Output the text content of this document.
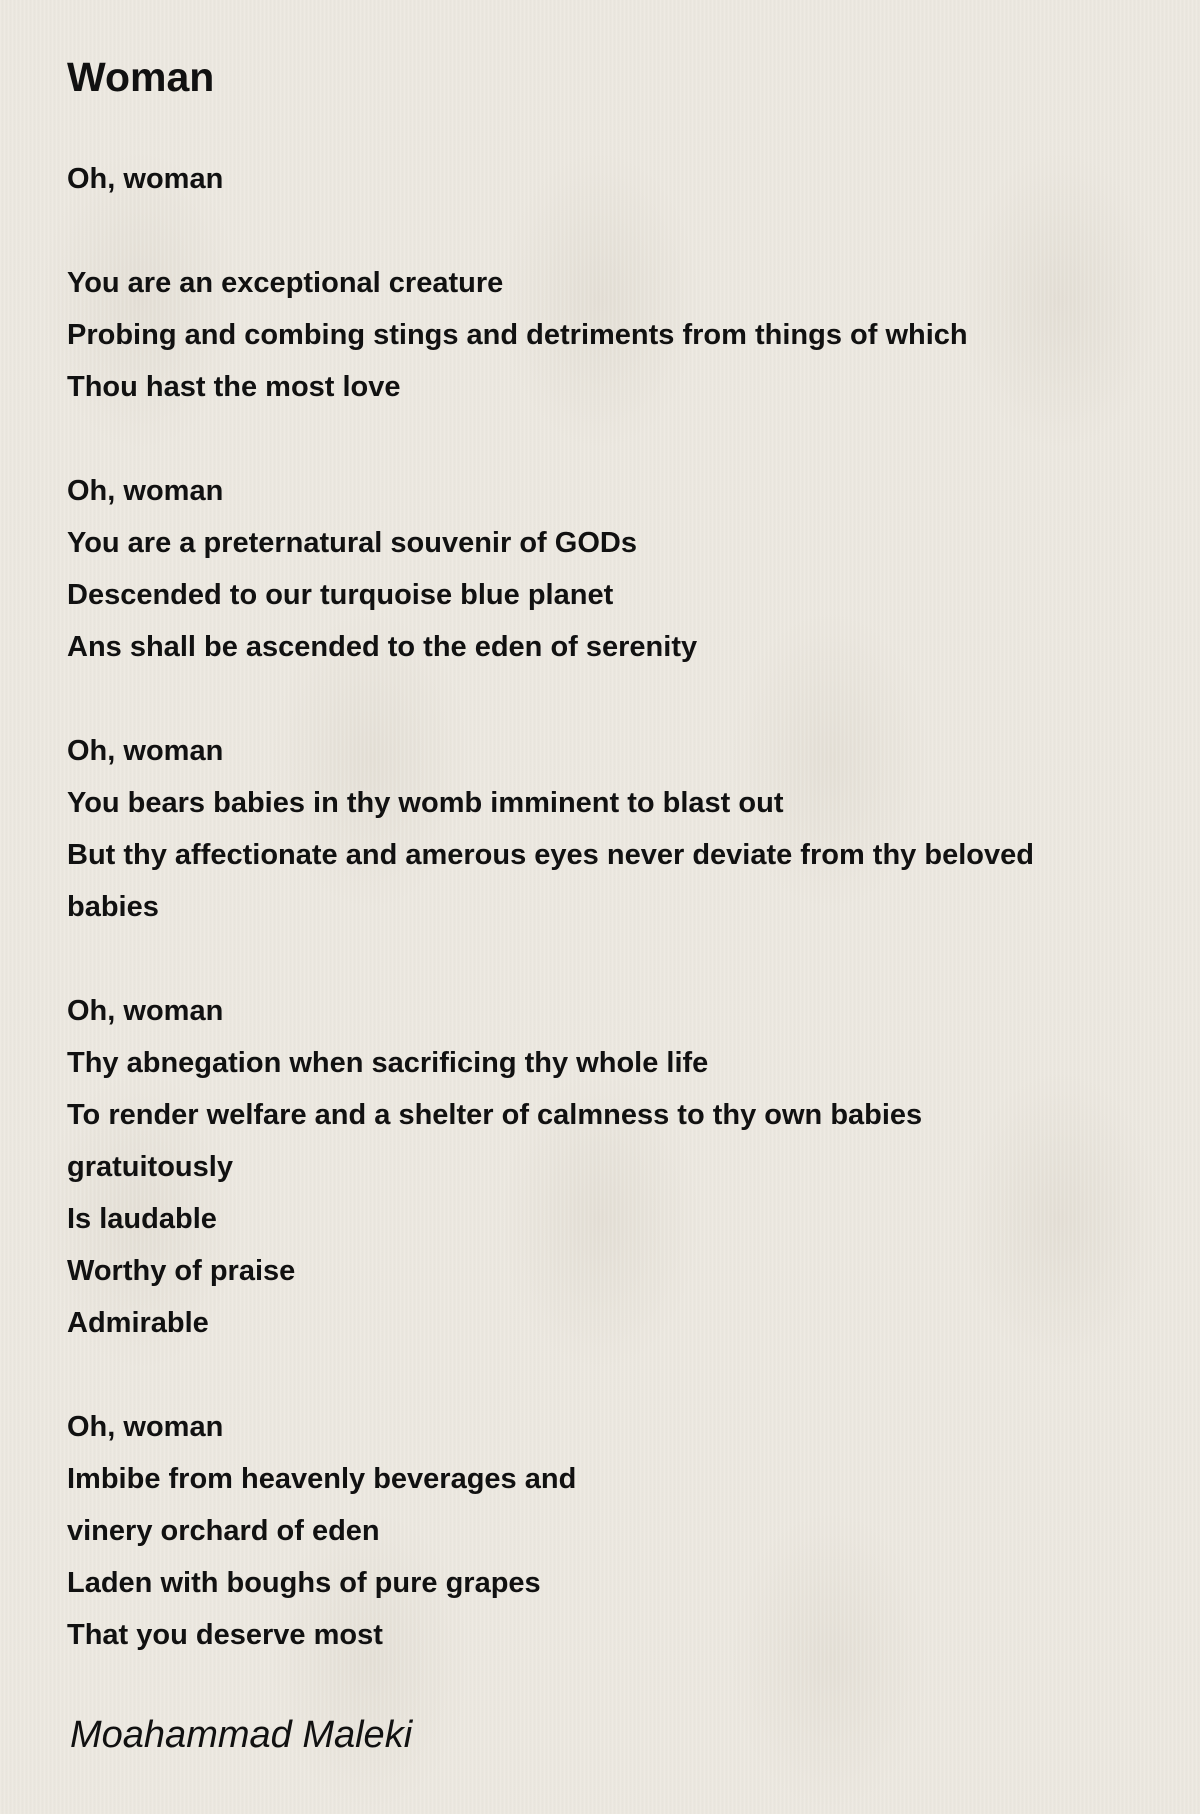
Woman
Oh, woman
You are an exceptional creature
Probing and combing stings and detriments from things of which
Thou hast the most love
Oh, woman
You are a preternatural souvenir of GODs
Descended to our turquoise blue planet
Ans shall be ascended to the eden of serenity
Oh, woman
You bears babies in thy womb imminent to blast out
But thy affectionate and amerous eyes never deviate from thy beloved
babies
Oh, woman
Thy abnegation when sacrificing thy whole life
To render welfare and a shelter of calmness to thy own babies
gratuitously
Is laudable
Worthy of praise
Admirable
Oh, woman
Imbibe from heavenly beverages and
vinery orchard of eden
Laden with boughs of pure grapes
That you deserve most

Moahammad Maleki
